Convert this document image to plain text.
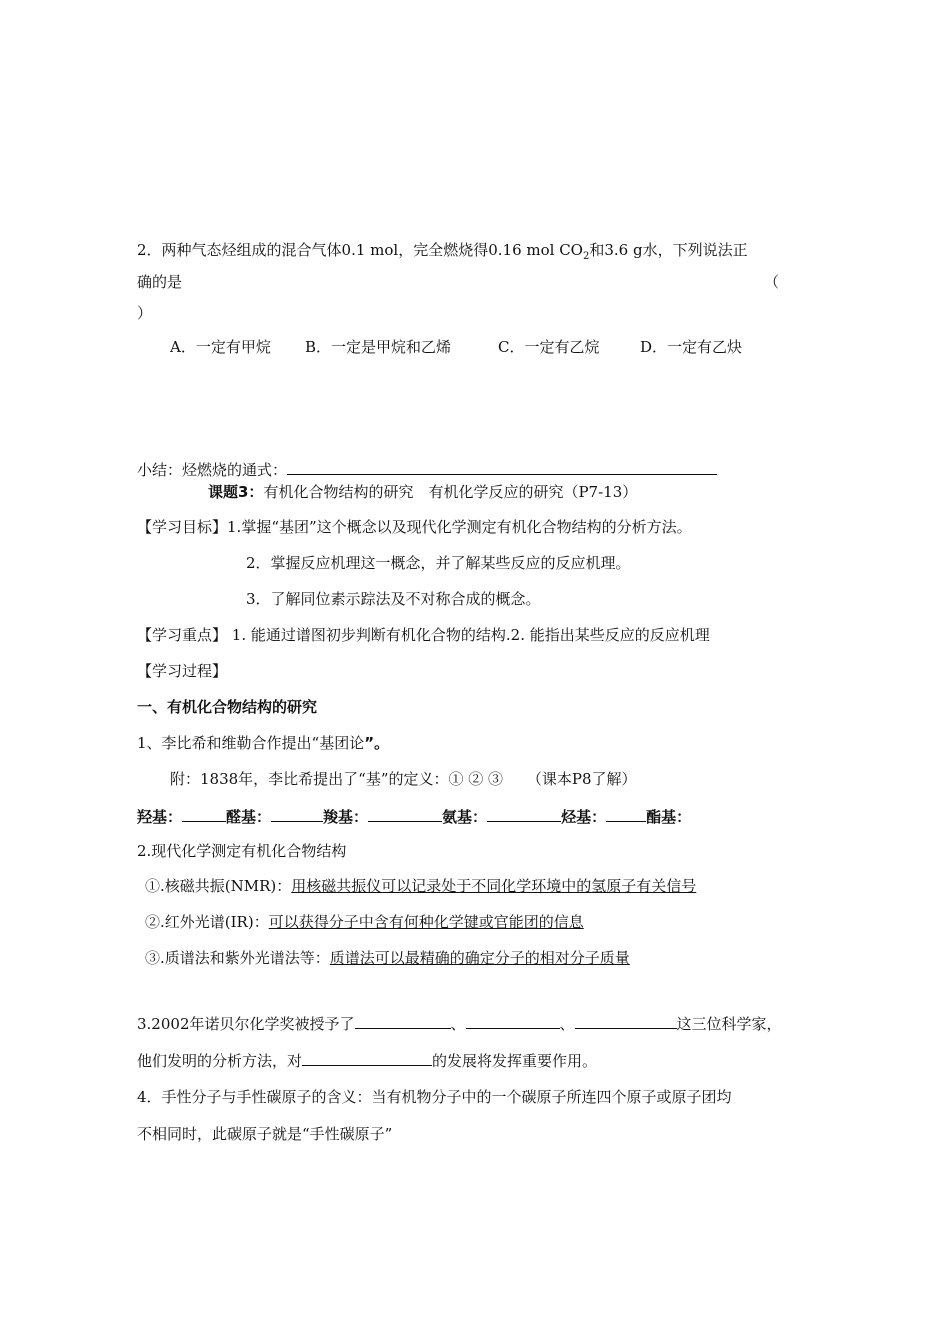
2．两种气态烃组成的混合气体0.1 mol，完全燃烧得0.16 mol $CO_2$和3.6 g水，下列说法正
确的是	（
）
A．一定有甲烷 B．一定是甲烷和乙烯	C．一定有乙烷	D．一定有乙炔
小结：烃燃烧的通式：
课题3：有机化合物结构的研究　有机化学反应的研究（P7-13）
【学习目标】1.掌握“基团”这个概念以及现代化学测定有机化合物结构的分析方法。
2．掌握反应机理这一概念，并了解某些反应的反应机理。
3．了解同位素示踪法及不对称合成的概念。
【学习重点】 1. 能通过谱图初步判断有机化合物的结构.2. 能指出某些反应的反应机理
【学习过程】
一、有机化合物结构的研究
1、李比希和维勒合作提出“基团论”。
附：1838年，李比希提出了“基”的定义：① ② ③ （课本P8了解）
羟基：	醛基：	羧基：	氨基：	烃基：	酯基：
2.现代化学测定有机化合物结构
①.核磁共振(NMR)：用核磁共振仪可以记录处于不同化学环境中的氢原子有关信号
②.红外光谱(IR)：可以获得分子中含有何种化学键或官能团的信息
③.质谱法和紫外光谱法等：质谱法可以最精确的确定分子的相对分子质量
3.2002年诺贝尔化学奖被授予了	、	、	这三位科学家，
他们发明的分析方法，对	的发展将发挥重要作用。
4．手性分子与手性碳原子的含义：当有机物分子中的一个碳原子所连四个原子或原子团均
不相同时，此碳原子就是“手性碳原子”
